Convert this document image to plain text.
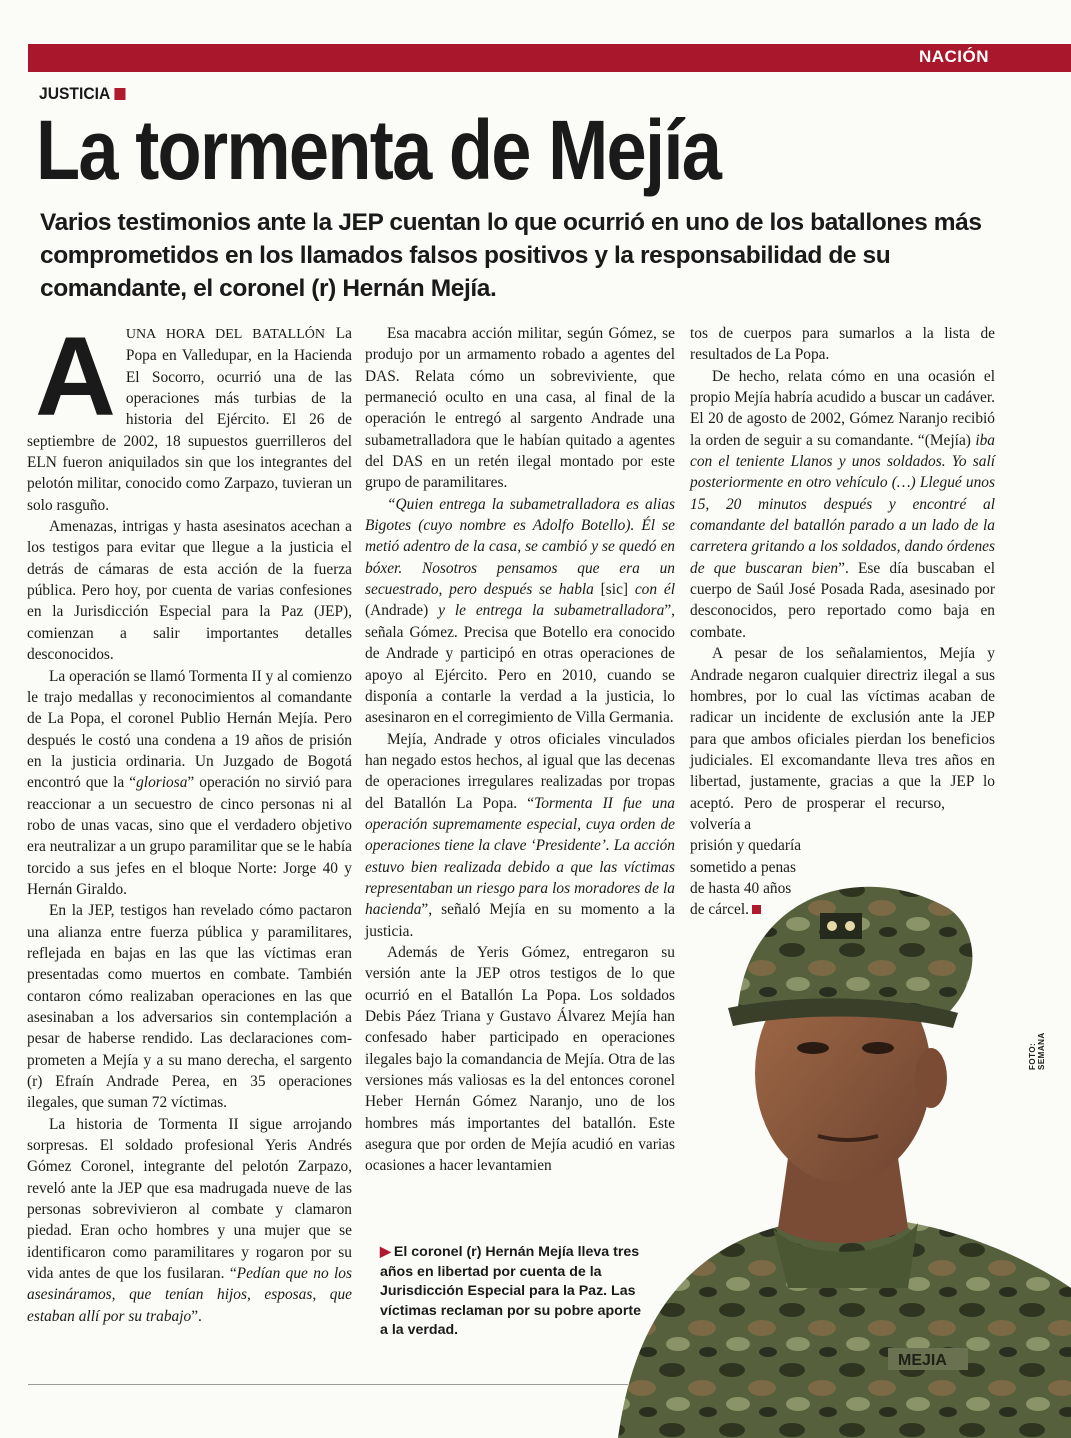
NACIÓN
JUSTICIA
La tormenta de Mejía

Varios testimonios ante la JEP cuentan lo que ocurrió en uno de los batallones más comprometidos en los llamados falsos positivos y la responsabilidad de su comandante, el coronel (r) Hernán Mejía.

AUNA HORA DEL BATALLÓN La Popa en Valledupar, en la Hacienda El Socorro, ocurrió una de las operaciones más turbias de la historia del Ejército. El 26 de septiembre de 2002, 18 supuestos guerrilleros del ELN fueron aniquilados sin que los integrantes del pelotón militar, conocido como Zarpazo, tuvieran un solo rasguño.

Amenazas, intrigas y hasta asesinatos acechan a los testigos para evitar que llegue a la justicia el detrás de cámaras de esta acción de la fuerza pública. Pero hoy, por cuenta de varias confesiones en la Jurisdicción Especial para la Paz (JEP), comienzan a salir importantes detalles desconocidos.

La operación se llamó Tormenta II y al comienzo le trajo medallas y reconocimientos al comandante de La Popa, el coronel Publio Hernán Mejía. Pero después le costó una condena a 19 años de prisión en la justicia ordinaria. Un Juzgado de Bogotá encontró que la “gloriosa” operación no sirvió para reaccionar a un secuestro de cinco personas ni al robo de unas vacas, sino que el verdadero objetivo era neutralizar a un grupo paramilitar que se le había torcido a sus jefes en el bloque Norte: Jorge 40 y Hernán Giraldo.

En la JEP, testigos han revelado cómo pactaron una alianza entre fuerza pública y paramilitares, reflejada en bajas en las que las víctimas eran presentadas como muertos en combate. También contaron cómo realizaban operaciones en las que asesinaban a los adversarios sin contemplación a pesar de haberse rendido. Las declaraciones comprometen a Mejía y a su mano derecha, el sargento (r) Efraín Andrade Perea, en 35 operaciones ilegales, que suman 72 víctimas.

La historia de Tormenta II sigue arrojando sorpresas. El soldado profesional Yeris Andrés Gómez Coronel, integrante del pelotón Zarpazo, reveló ante la JEP que esa madrugada nueve de las personas sobrevivieron al combate y clamaron piedad. Eran ocho hombres y una mujer que se identificaron como paramilitares y rogaron por su vida antes de que los fusilaran. “Pedían que no los asesináramos, que tenían hijos, esposas, que estaban allí por su trabajo”.

Esa macabra acción militar, según Gómez, se produjo por un armamento robado a agentes del DAS. Relata cómo un sobreviviente, que permaneció oculto en una casa, al final de la operación le entregó al sargento Andrade una subametralladora que le habían quitado a agentes del DAS en un retén ilegal montado por este grupo de paramilitares.

“Quien entrega la subametralladora es alias Bigotes (cuyo nombre es Adolfo Botello). Él se metió adentro de la casa, se cambió y se quedó en bóxer. Nosotros pensamos que era un secuestrado, pero después se habla [sic] con él (Andrade) y le entrega la subametralladora”, señala Gómez. Precisa que Botello era conocido de Andrade y participó en otras operaciones de apoyo al Ejército. Pero en 2010, cuando se disponía a contarle la verdad a la justicia, lo asesinaron en el corregimiento de Villa Germania.

Mejía, Andrade y otros oficiales vinculados han negado estos hechos, al igual que las decenas de operaciones irregulares realizadas por tropas del Batallón La Popa. “Tormenta II fue una operación supremamente especial, cuya orden de operaciones tiene la clave ‘Presidente’. La acción estuvo bien realizada debido a que las víctimas representaban un riesgo para los moradores de la hacienda”, señaló Mejía en su momento a la justicia.

Además de Yeris Gómez, entregaron su versión ante la JEP otros testigos de lo que ocurrió en el Batallón La Popa. Los soldados Debis Páez Triana y Gustavo Álvarez Mejía han confesado haber participado en operaciones ilegales bajo la comandancia de Mejía. Otra de las versiones más valiosas es la del entonces coronel Heber Hernán Gómez Naranjo, uno de los hombres más importantes del batallón. Este asegura que por orden de Mejía acudió en varias ocasiones a hacer levantamien

tos de cuerpos para sumarlos a la lista de resultados de La Popa.

De hecho, relata cómo en una ocasión el propio Mejía habría acudido a buscar un cadáver. El 20 de agosto de 2002, Gómez Naranjo recibió la orden de seguir a su comandante. “(Mejía) iba con el teniente Llanos y unos soldados. Yo salí posteriormente en otro vehículo (…) Llegué unos 15, 20 minutos después y encontré al comandante del batallón parado a un lado de la carretera gritando a los soldados, dando órdenes de que buscaran bien”. Ese día buscaban el cuerpo de Saúl José Posada Rada, asesinado por desconocidos, pero reportado como baja en combate.

A pesar de los señalamientos, Mejía y Andrade negaron cualquier directriz ilegal a sus hombres, por lo cual las víctimas acaban de radicar un incidente de exclusión ante la JEP para que ambos oficiales pierdan los beneficios judiciales. El excomandante lleva tres años en libertad, justamente, gracias a que la JEP lo aceptó. Pero de prosperar el recurso, volvería a

prisión y quedaría
sometido a penas
de hasta 40 años
de cárcel.
MEJIA
FOTO: SEMANA
▶ El coronel (r) Hernán Mejía lleva tres años en libertad por cuenta de la Jurisdicción Especial para la Paz. Las víctimas reclaman por su pobre aporte a la verdad.
